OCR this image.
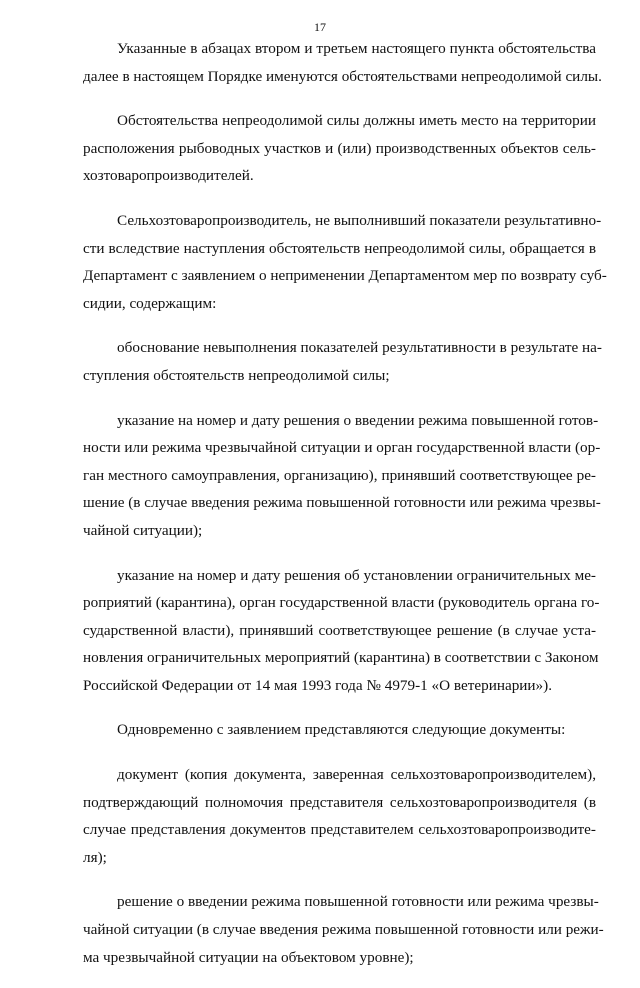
17

Указанные в абзацах втором и третьем настоящего пункта обстоятельства
далее в настоящем Порядке именуются обстоятельствами непреодолимой силы.

Обстоятельства непреодолимой силы должны иметь место на территории
расположения рыбоводных участков и (или) производственных объектов сель-
хозтоваропроизводителей.

Сельхозтоваропроизводитель, не выполнивший показатели результативно-
сти вследствие наступления обстоятельств непреодолимой силы, обращается в
Департамент с заявлением о неприменении Департаментом мер по возврату суб-
сидии, содержащим:

обоснование невыполнения показателей результативности в результате на-
ступления обстоятельств непреодолимой силы;

указание на номер и дату решения о введении режима повышенной готов-
ности или режима чрезвычайной ситуации и орган государственной власти (ор-
ган местного самоуправления, организацию), принявший соответствующее ре-
шение (в случае введения режима повышенной готовности или режима чрезвы-
чайной ситуации);

указание на номер и дату решения об установлении ограничительных ме-
роприятий (карантина), орган государственной власти (руководитель органа го-
сударственной власти), принявший соответствующее решение (в случае уста-
новления ограничительных мероприятий (карантина) в соответствии с Законом
Российской Федерации от 14 мая 1993 года № 4979-1 «О ветеринарии»).

Одновременно с заявлением представляются следующие документы:

документ (копия документа, заверенная сельхозтоваропроизводителем),
подтверждающий полномочия представителя сельхозтоваропроизводителя (в
случае представления документов представителем сельхозтоваропроизводите-
ля);

решение о введении режима повышенной готовности или режима чрезвы-
чайной ситуации (в случае введения режима повышенной готовности или режи-
ма чрезвычайной ситуации на объектовом уровне);
